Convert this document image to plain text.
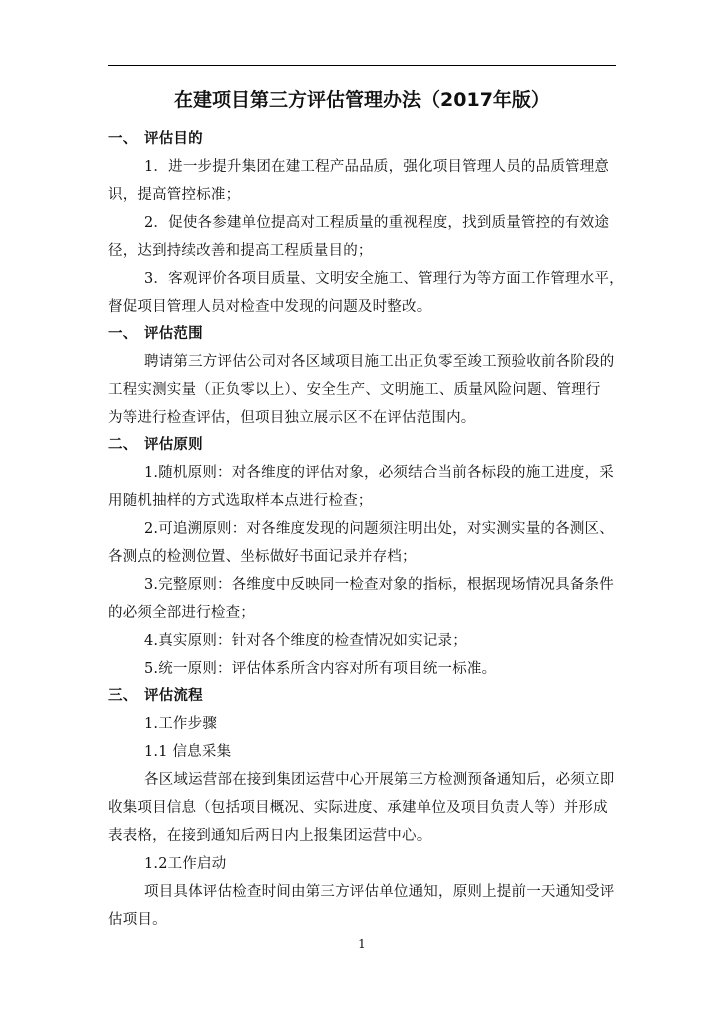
在建项目第三方评估管理办法（2017年版）
一、 评估目的
1．进一步提升集团在建工程产品品质，强化项目管理人员的品质管理意
识，提高管控标准；
2．促使各参建单位提高对工程质量的重视程度，找到质量管控的有效途
径，达到持续改善和提高工程质量目的；
3．客观评价各项目质量、文明安全施工、管理行为等方面工作管理水平，
督促项目管理人员对检查中发现的问题及时整改。
一、 评估范围
聘请第三方评估公司对各区域项目施工出正负零至竣工预验收前各阶段的
工程实测实量（正负零以上）、安全生产、文明施工、质量风险问题、管理行
为等进行检查评估，但项目独立展示区不在评估范围内。
二、 评估原则
1.随机原则：对各维度的评估对象，必须结合当前各标段的施工进度，采
用随机抽样的方式选取样本点进行检查；
2.可追溯原则：对各维度发现的问题须注明出处，对实测实量的各测区、
各测点的检测位置、坐标做好书面记录并存档；
3.完整原则：各维度中反映同一检查对象的指标，根据现场情况具备条件
的必须全部进行检查；
4.真实原则：针对各个维度的检查情况如实记录；
5.统一原则：评估体系所含内容对所有项目统一标准。
三、 评估流程
1.工作步骤
1.1 信息采集
各区域运营部在接到集团运营中心开展第三方检测预备通知后，必须立即
收集项目信息（包括项目概况、实际进度、承建单位及项目负责人等）并形成
表表格，在接到通知后两日内上报集团运营中心。
1.2工作启动
项目具体评估检查时间由第三方评估单位通知，原则上提前一天通知受评
估项目。
1
